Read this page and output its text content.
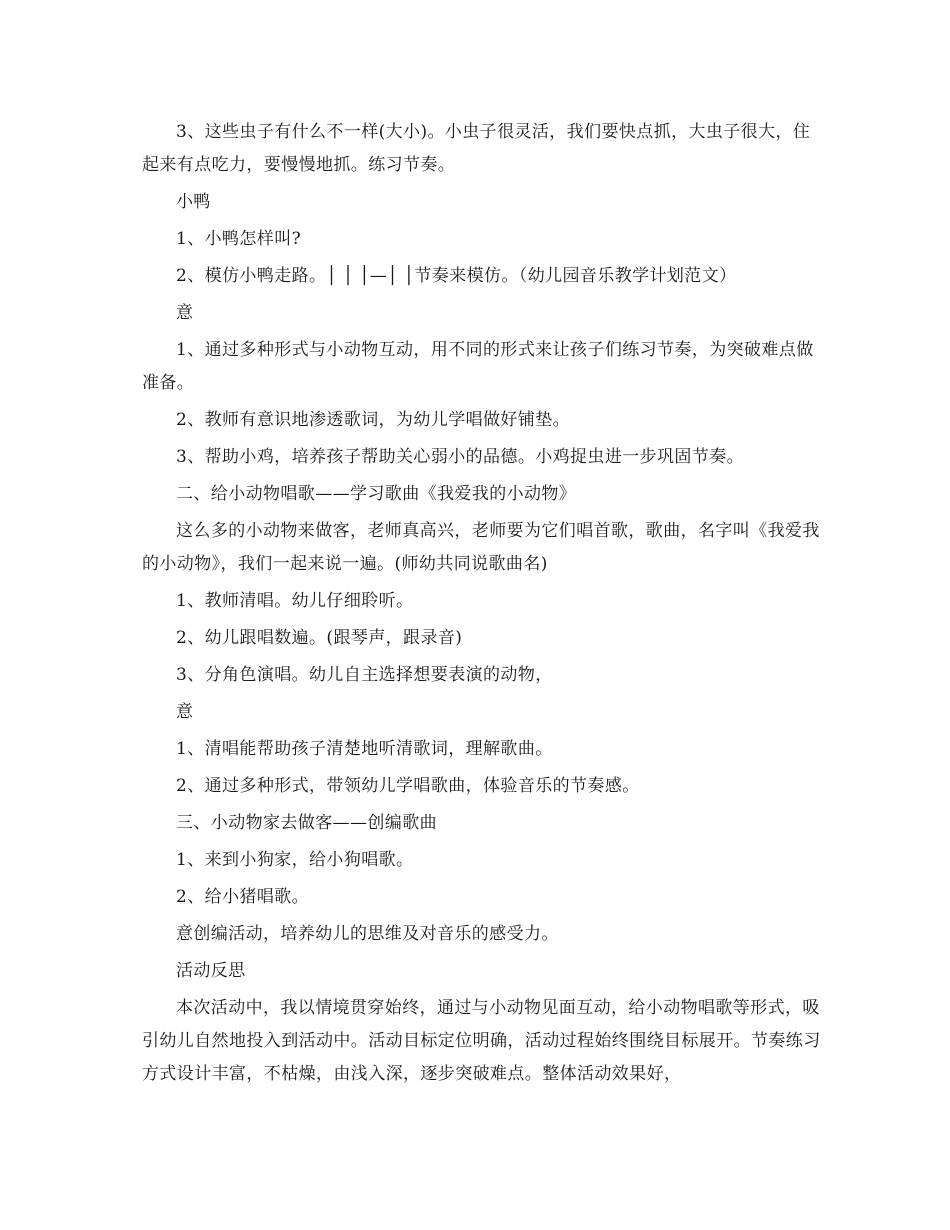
3、这些虫子有什么不一样(大小)。小虫子很灵活，我们要快点抓，大虫子很大，住起来有点吃力，要慢慢地抓。练习节奏。

小鸭

1、小鸭怎样叫?

2、模仿小鸭走路。│ │ │—│ │节奏来模仿。（幼儿园音乐教学计划范文）

意

1、通过多种形式与小动物互动，用不同的形式来让孩子们练习节奏，为突破难点做准备。

2、教师有意识地渗透歌词，为幼儿学唱做好铺垫。

3、帮助小鸡，培养孩子帮助关心弱小的品德。小鸡捉虫进一步巩固节奏。

二、给小动物唱歌——学习歌曲《我爱我的小动物》

这么多的小动物来做客，老师真高兴，老师要为它们唱首歌，歌曲，名字叫《我爱我的小动物》，我们一起来说一遍。(师幼共同说歌曲名)

1、教师清唱。幼儿仔细聆听。

2、幼儿跟唱数遍。(跟琴声，跟录音)

3、分角色演唱。幼儿自主选择想要表演的动物，

意

1、清唱能帮助孩子清楚地听清歌词，理解歌曲。

2、通过多种形式，带领幼儿学唱歌曲，体验音乐的节奏感。

三、小动物家去做客——创编歌曲

1、来到小狗家，给小狗唱歌。

2、给小猪唱歌。

意创编活动，培养幼儿的思维及对音乐的感受力。

活动反思

本次活动中，我以情境贯穿始终，通过与小动物见面互动，给小动物唱歌等形式，吸引幼儿自然地投入到活动中。活动目标定位明确，活动过程始终围绕目标展开。节奏练习方式设计丰富，不枯燥，由浅入深，逐步突破难点。整体活动效果好，
